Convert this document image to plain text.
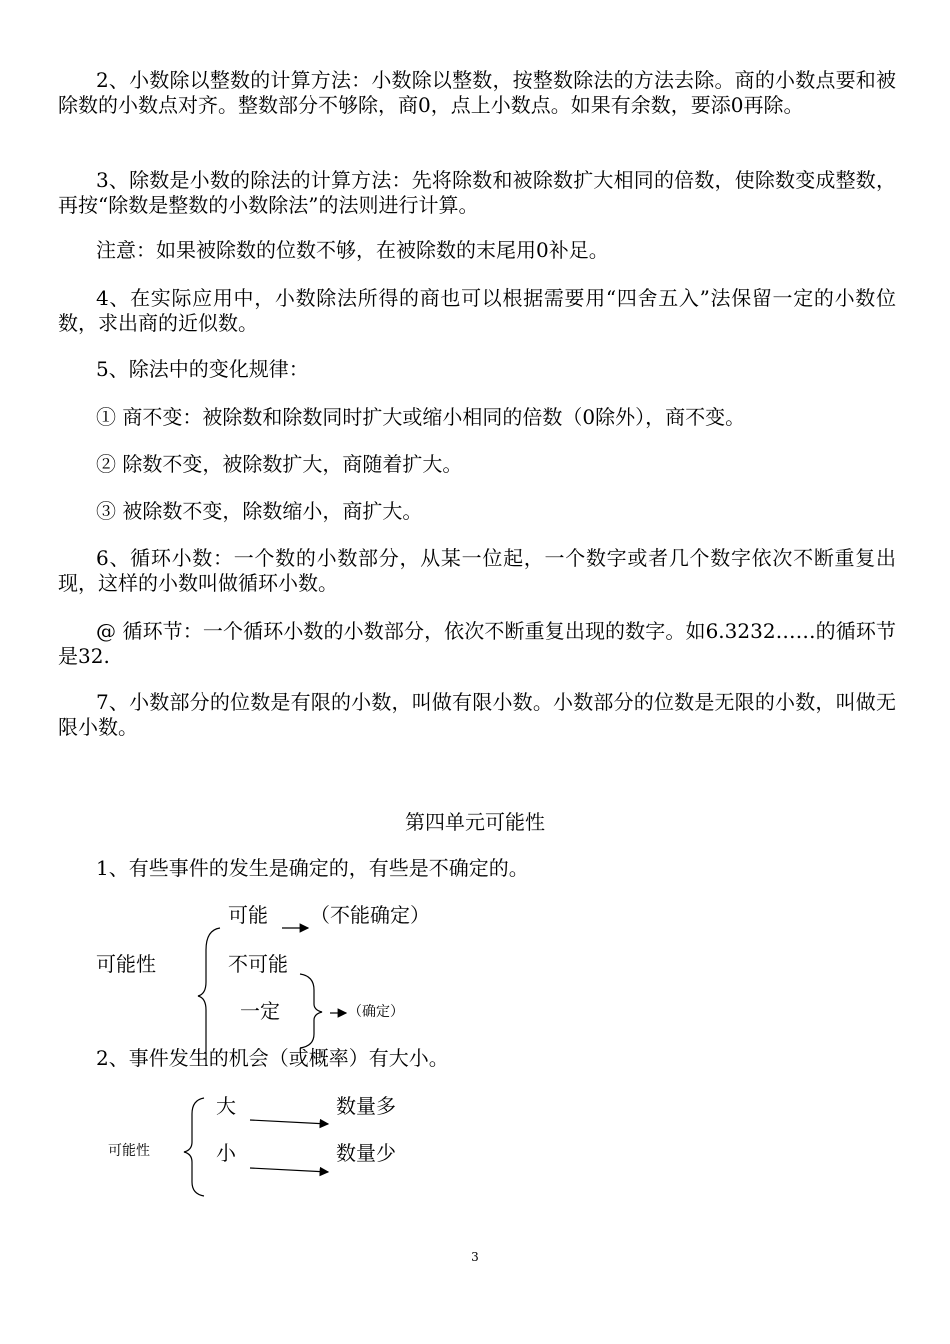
2、小数除以整数的计算方法：小数除以整数，按整数除法的方法去除。商的小数点要和被除数的小数点对齐。整数部分不够除，商0，点上小数点。如果有余数，要添0再除。

3、除数是小数的除法的计算方法：先将除数和被除数扩大相同的倍数，使除数变成整数，再按“除数是整数的小数除法”的法则进行计算。

注意：如果被除数的位数不够，在被除数的末尾用0补足。

4、在实际应用中，小数除法所得的商也可以根据需要用“四舍五入”法保留一定的小数位数，求出商的近似数。

5、除法中的变化规律：

① 商不变：被除数和除数同时扩大或缩小相同的倍数（0除外），商不变。

② 除数不变，被除数扩大，商随着扩大。

③ 被除数不变，除数缩小，商扩大。

6、循环小数：一个数的小数部分，从某一位起，一个数字或者几个数字依次不断重复出现，这样的小数叫做循环小数。

@ 循环节：一个循环小数的小数部分，依次不断重复出现的数字。如6.3232……的循环节是32.

7、小数部分的位数是有限的小数，叫做有限小数。小数部分的位数是无限的小数，叫做无限小数。

第四单元可能性

1、有些事件的发生是确定的，有些是不确定的。

可能 （不能确定）
可能性	不可能
一定	（确定）

2、事件发生的机会（或概率）有大小。

大	数量多
可能性	小	数量少
3
